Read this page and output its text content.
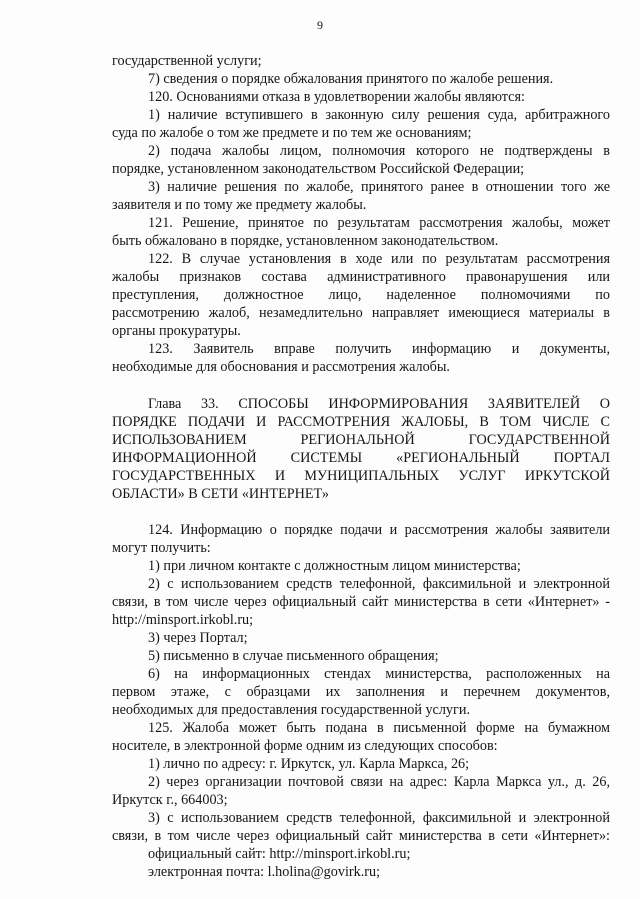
9
государственной услуги;
7) сведения о порядке обжалования принятого по жалобе решения.
120. Основаниями отказа в удовлетворении жалобы являются:
1) наличие вступившего в законную силу решения суда, арбитражного
суда по жалобе о том же предмете и по тем же основаниям;
2) подача жалобы лицом, полномочия которого не подтверждены в
порядке, установленном законодательством Российской Федерации;
3) наличие решения по жалобе, принятого ранее в отношении того же
заявителя и по тому же предмету жалобы.
121. Решение, принятое по результатам рассмотрения жалобы, может
быть обжаловано в порядке, установленном законодательством.
122. В случае установления в ходе или по результатам рассмотрения
жалобы признаков состава административного правонарушения или
преступления, должностное лицо, наделенное полномочиями по
рассмотрению жалоб, незамедлительно направляет имеющиеся материалы в
органы прокуратуры.
123. Заявитель вправе получить информацию и документы,
необходимые для обоснования и рассмотрения жалобы.
Глава 33. СПОСОБЫ ИНФОРМИРОВАНИЯ ЗАЯВИТЕЛЕЙ О
ПОРЯДКЕ ПОДАЧИ И РАССМОТРЕНИЯ ЖАЛОБЫ, В ТОМ ЧИСЛЕ С
ИСПОЛЬЗОВАНИЕМ РЕГИОНАЛЬНОЙ ГОСУДАРСТВЕННОЙ
ИНФОРМАЦИОННОЙ СИСТЕМЫ «РЕГИОНАЛЬНЫЙ ПОРТАЛ
ГОСУДАРСТВЕННЫХ И МУНИЦИПАЛЬНЫХ УСЛУГ ИРКУТСКОЙ
ОБЛАСТИ» В СЕТИ «ИНТЕРНЕТ»
124. Информацию о порядке подачи и рассмотрения жалобы заявители
могут получить:
1) при личном контакте с должностным лицом министерства;
2) с использованием средств телефонной, факсимильной и электронной
связи, в том числе через официальный сайт министерства в сети «Интернет» -
http://minsport.irkobl.ru;
3) через Портал;
5) письменно в случае письменного обращения;
6) на информационных стендах министерства, расположенных на
первом этаже, с образцами их заполнения и перечнем документов,
необходимых для предоставления государственной услуги.
125. Жалоба может быть подана в письменной форме на бумажном
носителе, в электронной форме одним из следующих способов:
1) лично по адресу: г. Иркутск, ул. Карла Маркса, 26;
2) через организации почтовой связи на адрес: Карла Маркса ул., д. 26,
Иркутск г., 664003;
3) с использованием средств телефонной, факсимильной и электронной
связи, в том числе через официальный сайт министерства в сети «Интернет»:
официальный сайт: http://minsport.irkobl.ru;
электронная почта: l.holina@govirk.ru;
